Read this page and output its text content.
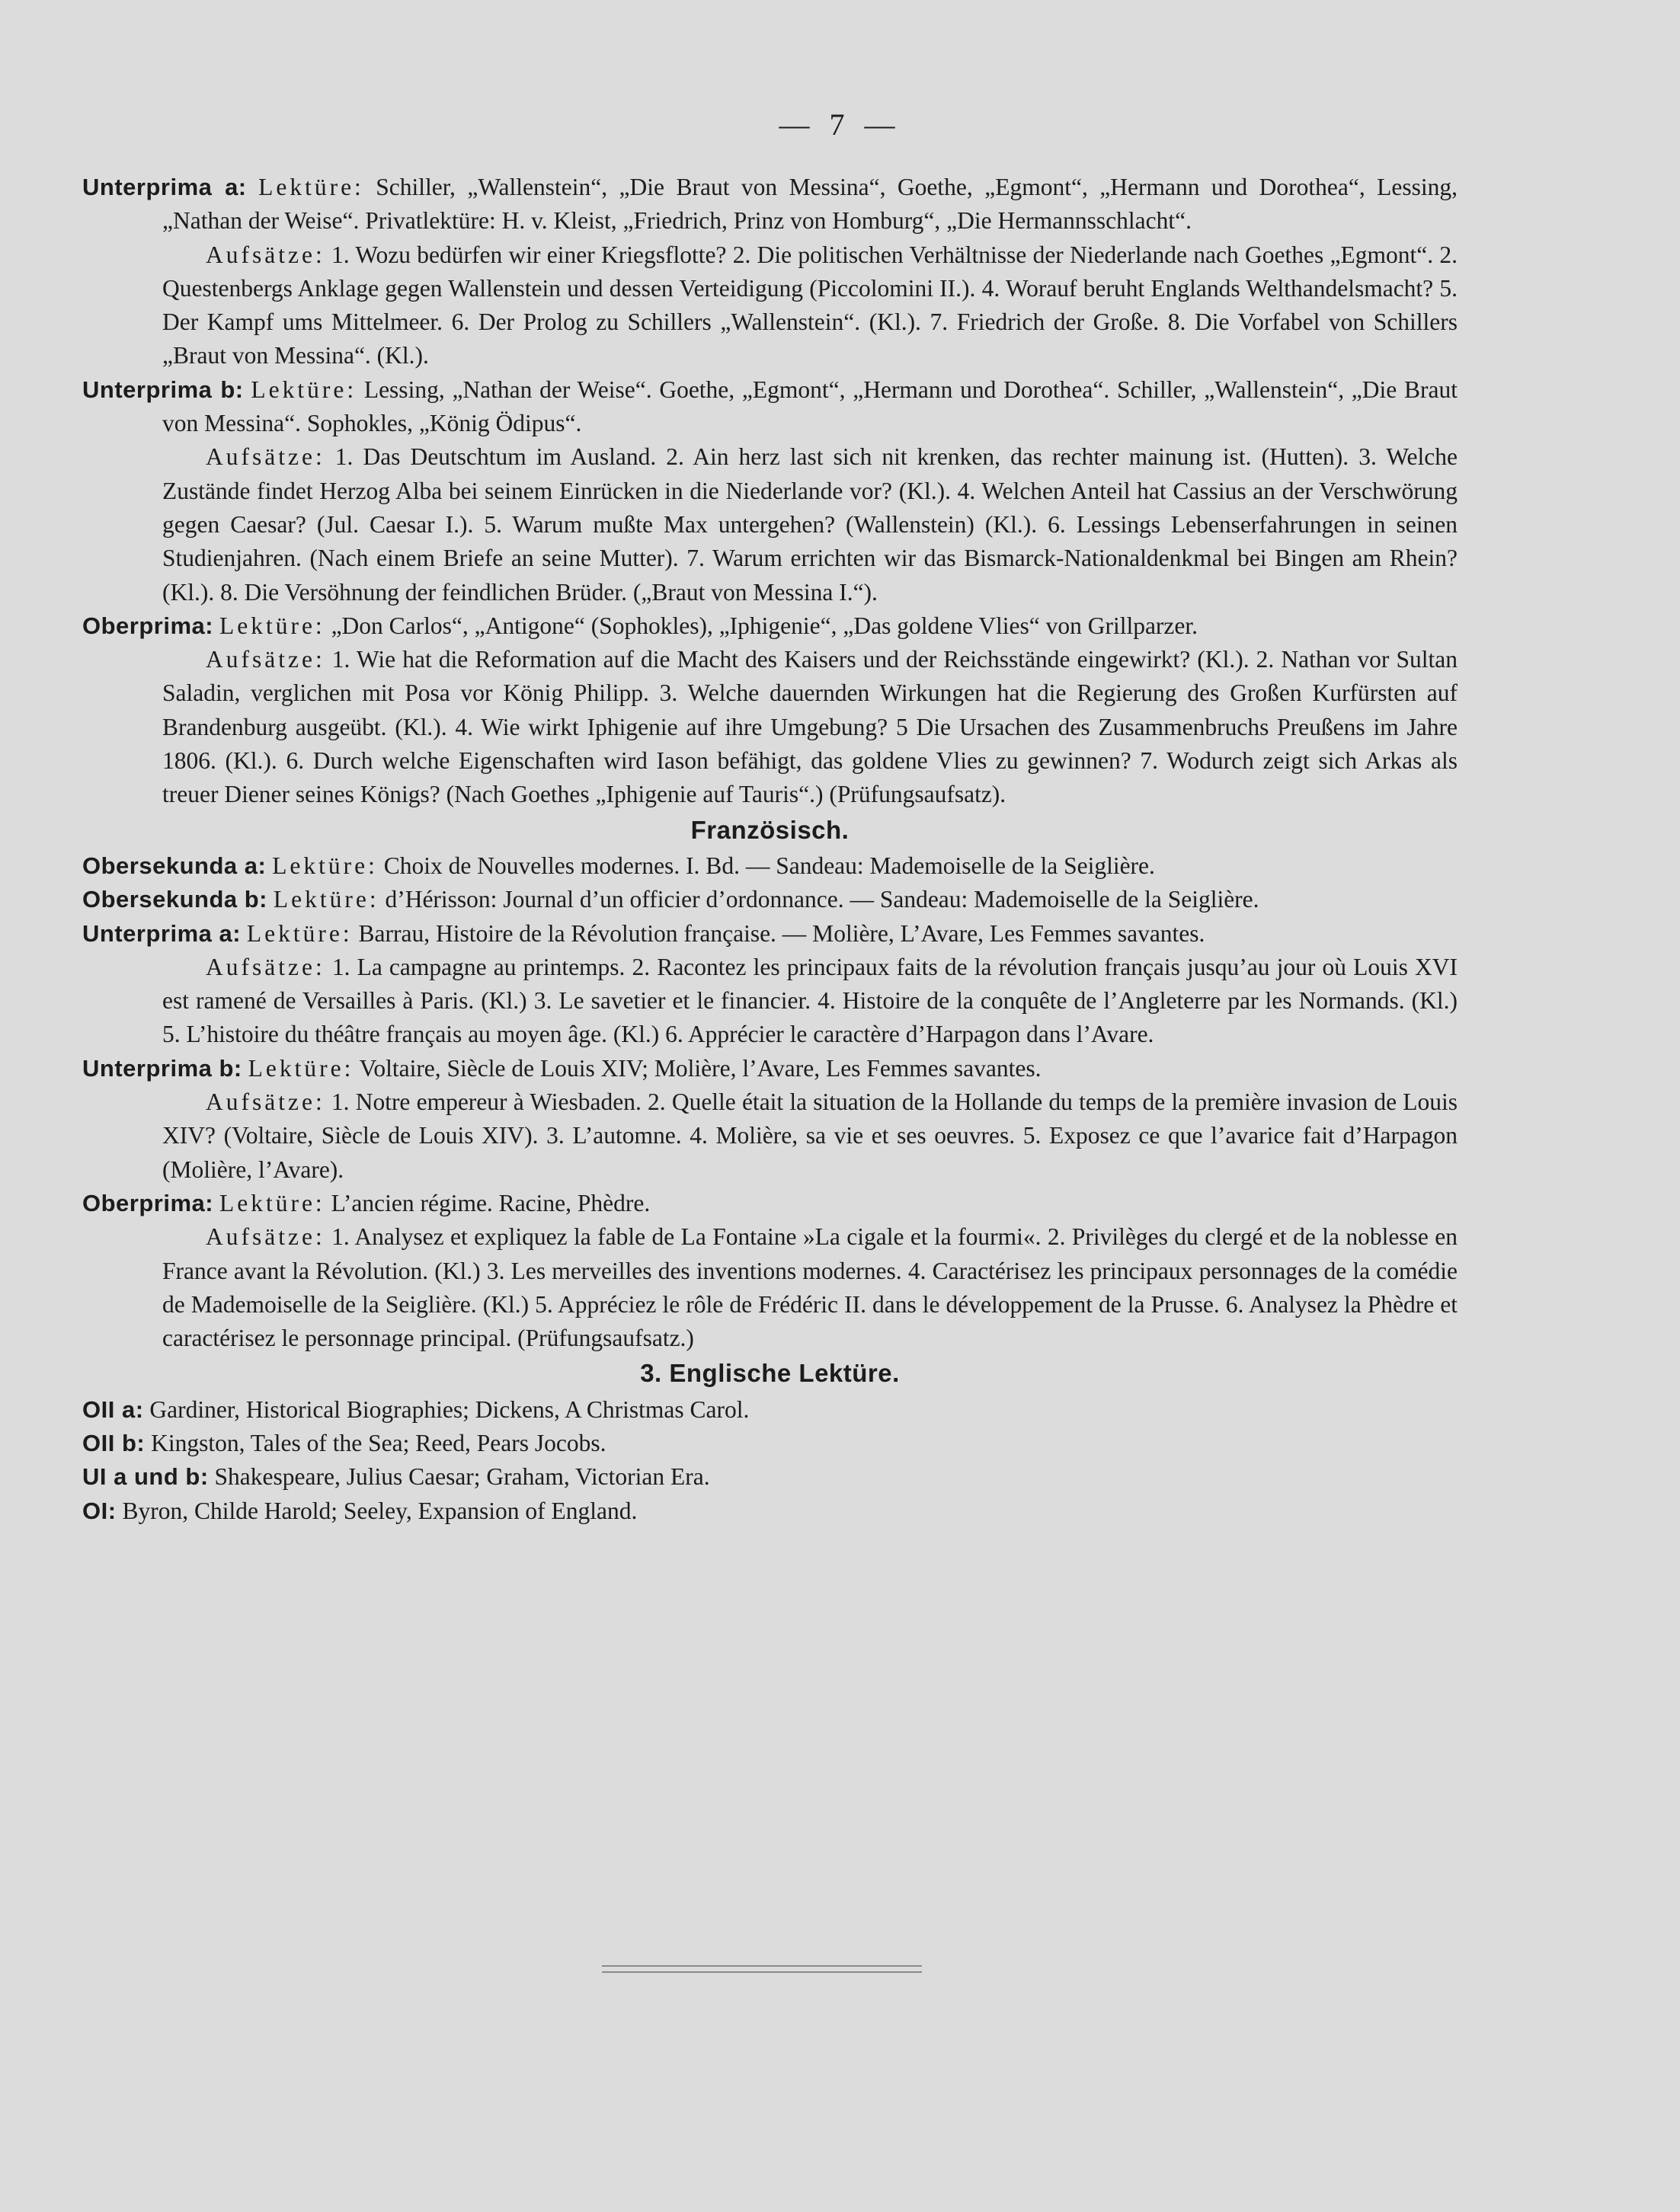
— 7 —

Unterprima a: Lektüre: Schiller, „Wallenstein“, „Die Braut von Messina“, Goethe, „Egmont“, „Hermann und Dorothea“, Lessing, „Nathan der Weise“. Privatlektüre: H. v. Kleist, „Friedrich, Prinz von Homburg“, „Die Hermannsschlacht“.

Aufsätze: 1. Wozu bedürfen wir einer Kriegsflotte? 2. Die politischen Verhältnisse der Niederlande nach Goethes „Egmont“. 2. Questenbergs Anklage gegen Wallenstein und dessen Verteidigung (Piccolomini II.). 4. Worauf beruht Englands Welthandelsmacht? 5. Der Kampf ums Mittelmeer. 6. Der Prolog zu Schillers „Wallenstein“. (Kl.). 7. Friedrich der Große. 8. Die Vorfabel von Schillers „Braut von Messina“. (Kl.).

Unterprima b: Lektüre: Lessing, „Nathan der Weise“. Goethe, „Egmont“, „Hermann und Dorothea“. Schiller, „Wallenstein“, „Die Braut von Messina“. Sophokles, „König Ödipus“.

Aufsätze: 1. Das Deutschtum im Ausland. 2. Ain herz last sich nit krenken, das rechter mainung ist. (Hutten). 3. Welche Zustände findet Herzog Alba bei seinem Einrücken in die Niederlande vor? (Kl.). 4. Welchen Anteil hat Cassius an der Verschwörung gegen Caesar? (Jul. Caesar I.). 5. Warum mußte Max untergehen? (Wallenstein) (Kl.). 6. Lessings Lebenserfahrungen in seinen Studienjahren. (Nach einem Briefe an seine Mutter). 7. Warum errichten wir das Bismarck-Nationaldenkmal bei Bingen am Rhein? (Kl.). 8. Die Versöhnung der feindlichen Brüder. („Braut von Messina I.“).

Oberprima: Lektüre: „Don Carlos“, „Antigone“ (Sophokles), „Iphigenie“, „Das goldene Vlies“ von Grillparzer.

Aufsätze: 1. Wie hat die Reformation auf die Macht des Kaisers und der Reichsstände eingewirkt? (Kl.). 2. Nathan vor Sultan Saladin, verglichen mit Posa vor König Philipp. 3. Welche dauernden Wirkungen hat die Regierung des Großen Kurfürsten auf Brandenburg ausgeübt. (Kl.). 4. Wie wirkt Iphigenie auf ihre Umgebung? 5 Die Ursachen des Zusammenbruchs Preußens im Jahre 1806. (Kl.). 6. Durch welche Eigenschaften wird Iason befähigt, das goldene Vlies zu gewinnen? 7. Wodurch zeigt sich Arkas als treuer Diener seines Königs? (Nach Goethes „Iphigenie auf Tauris“.) (Prüfungsaufsatz).

Französisch.

Obersekunda a: Lektüre: Choix de Nouvelles modernes. I. Bd. — Sandeau: Mademoiselle de la Seiglière.

Obersekunda b: Lektüre: d’Hérisson: Journal d’un officier d’ordonnance. — Sandeau: Mademoiselle de la Seiglière.

Unterprima a: Lektüre: Barrau, Histoire de la Révolution française. — Molière, L’Avare, Les Femmes savantes.

Aufsätze: 1. La campagne au printemps. 2. Racontez les principaux faits de la révolution français jusqu’au jour où Louis XVI est ramené de Versailles à Paris. (Kl.) 3. Le savetier et le financier. 4. Histoire de la conquête de l’Angleterre par les Normands. (Kl.) 5. L’histoire du théâtre français au moyen âge. (Kl.) 6. Apprécier le caractère d’Harpagon dans l’Avare.

Unterprima b: Lektüre: Voltaire, Siècle de Louis XIV; Molière, l’Avare, Les Femmes savantes.

Aufsätze: 1. Notre empereur à Wiesbaden. 2. Quelle était la situation de la Hollande du temps de la première invasion de Louis XIV? (Voltaire, Siècle de Louis XIV). 3. L’automne. 4. Molière, sa vie et ses oeuvres. 5. Exposez ce que l’avarice fait d’Harpagon (Molière, l’Avare).

Oberprima: Lektüre: L’ancien régime. Racine, Phèdre.

Aufsätze: 1. Analysez et expliquez la fable de La Fontaine »La cigale et la fourmi«. 2. Privilèges du clergé et de la noblesse en France avant la Révolution. (Kl.) 3. Les merveilles des inventions modernes. 4. Caractérisez les principaux personnages de la comédie de Mademoiselle de la Seiglière. (Kl.) 5. Appréciez le rôle de Frédéric II. dans le développement de la Prusse. 6. Analysez la Phèdre et caractérisez le personnage principal. (Prüfungsaufsatz.)

3. Englische Lektüre.

OII a: Gardiner, Historical Biographies; Dickens, A Christmas Carol.

OII b: Kingston, Tales of the Sea; Reed, Pears Jocobs.

UI a und b: Shakespeare, Julius Caesar; Graham, Victorian Era.

OI: Byron, Childe Harold; Seeley, Expansion of England.
